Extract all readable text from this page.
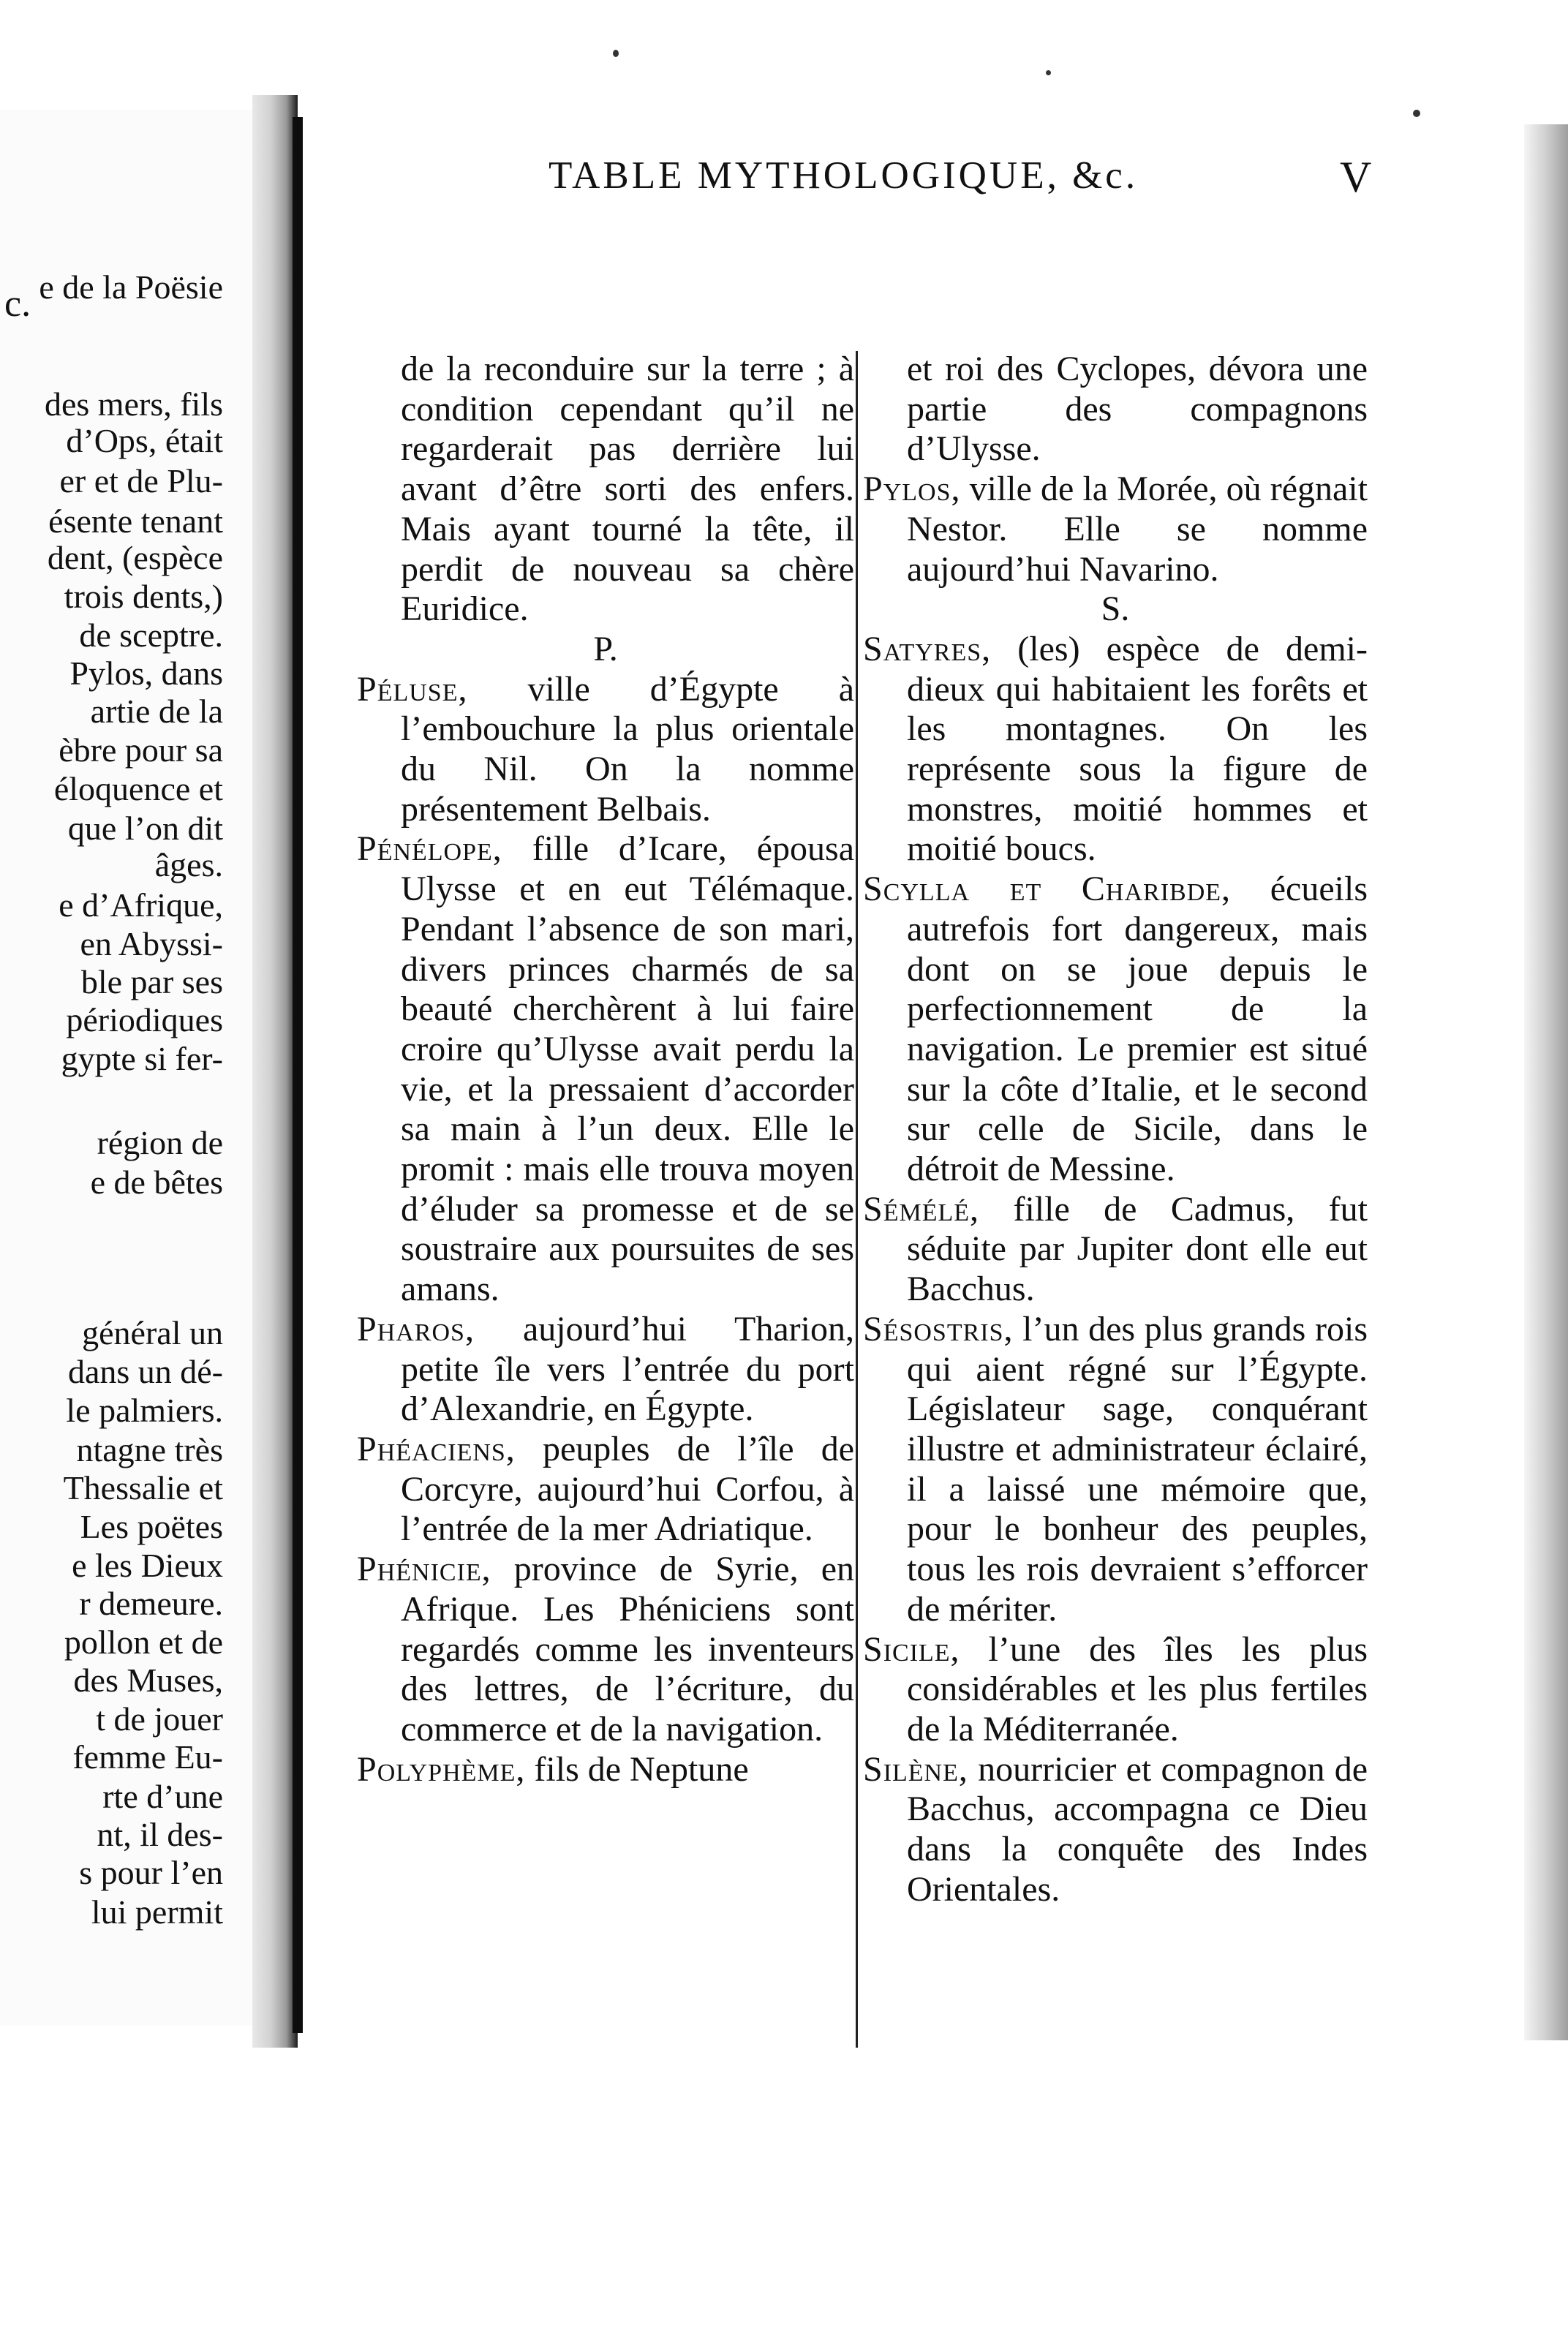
c. e de la Poësie
des mers, fils
d’Ops, était
er et de Plu-
ésente tenant
dent, (espèce
trois dents,)
de sceptre.
Pylos, dans
artie de la
èbre pour sa
éloquence et
que l’on dit
âges.
e d’Afrique,
en Abyssi-
ble par ses
périodiques
gypte si fer-
région de
e de bêtes
général un
dans un dé-
le palmiers.
ntagne très
Thessalie et
Les poëtes
e les Dieux
r demeure.
pollon et de
des Muses,
t de jouer
femme Eu-
rte d’une
nt, il des-
s pour l’en
lui permit
TABLE MYTHOLOGIQUE, &c.	V

de la reconduire sur la terre ; à condition cependant qu’il ne regarderait pas derrière lui avant d’être sorti des enfers. Mais ayant tourné la tête, il perdit de nouveau sa chère Euridice.

P.

Péluse, ville d’Égypte à l’embouchure la plus orientale du Nil. On la nomme présentement Belbais.

Pénélope, fille d’Icare, épousa Ulysse et en eut Télémaque. Pendant l’absence de son mari, divers princes charmés de sa beauté cherchèrent à lui faire croire qu’Ulysse avait perdu la vie, et la pressaient d’accorder sa main à l’un deux. Elle le promit : mais elle trouva moyen d’éluder sa promesse et de se soustraire aux poursuites de ses amans.

Pharos, aujourd’hui Tharion, petite île vers l’entrée du port d’Alexandrie, en Égypte.

Phéaciens, peuples de l’île de Corcyre, aujourd’hui Corfou, à l’entrée de la mer Adriatique.

Phénicie, province de Syrie, en Afrique. Les Phéniciens sont regardés comme les inventeurs des lettres, de l’écriture, du commerce et de la navigation.

Polyphème, fils de Neptune

et roi des Cyclopes, dévora une partie des compagnons d’Ulysse.

Pylos, ville de la Morée, où régnait Nestor. Elle se nomme aujourd’hui Navarino.

S.

Satyres, (les) espèce de demi-dieux qui habitaient les forêts et les montagnes. On les représente sous la figure de monstres, moitié hommes et moitié boucs.

Scylla et Charibde, écueils autrefois fort dangereux, mais dont on se joue depuis le perfectionnement de la navigation. Le premier est situé sur la côte d’Italie, et le second sur celle de Sicile, dans le détroit de Messine.

Sémélé, fille de Cadmus, fut séduite par Jupiter dont elle eut Bacchus.

Sésostris, l’un des plus grands rois qui aient régné sur l’Égypte. Législateur sage, conquérant illustre et administrateur éclairé, il a laissé une mémoire que, pour le bonheur des peuples, tous les rois devraient s’efforcer de mériter.

Sicile, l’une des îles les plus considérables et les plus fertiles de la Méditerranée.

Silène, nourricier et compagnon de Bacchus, accompagna ce Dieu dans la conquête des Indes Orientales.
